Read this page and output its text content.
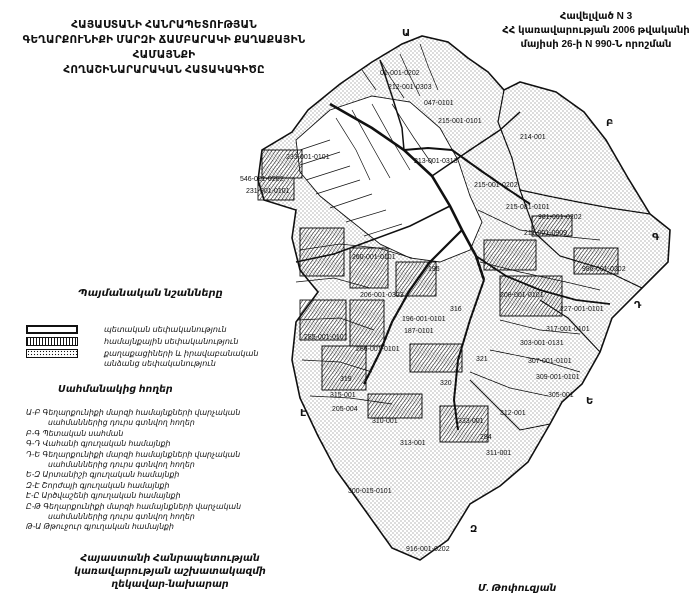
ՀԱՅԱՍՏԱՆԻ ՀԱՆՐԱՊԵՏՈՒԹՅԱՆ
ԳԵՂԱՐՔՈՒՆԻՔԻ ՄԱՐԶԻ ՃԱՄԲԱՐԱԿԻ ՔԱՂԱՔԱՅԻՆ ՀԱՄԱՅՆՔԻ
ՀՈՂԱՇԻՆԱՐԱՐԱԿԱՆ ՀԱՏԱԿԱԳԻԾԸ
Հավելված N 3
ՀՀ կառավարության 2006 թվականի
մայիսի 26-ի N 990-Ն որոշման
01-001-0202
212-001-0303
047-0101
215-001-0101
214-001
233-001-0101
213-001-0313
546-001-0202
231-001-0101
215-001-0202
215-081-0101
981-001-0202
211-001-0909
195
260-001-0101
986-001-0202
208-001-0101
206-001-0303
285-001-0101
196-001-0101
187-0101
286-001-0101
303-001-0131
309-001-0101
300-015-0101
916-001-0202
311-001
307-001-0101
205-004
333-001
319
284
312-001
227-001-0101
315-001
316
321
320
310-001
305-001
317-001-0101
313-001
Ա
Բ
Գ
Դ
Ե
Զ
Է
Պայմանական նշանները
պետական սեփականություն
համայնքային սեփականություն
քաղաքացիների և իրավաբանական
անձանց սեփականություն
Սահմանակից հողեր
Ա-Բ Գեղարքունիքի մարզի համայնքների վարչական
սահմաններից դուրս գտնվող հողեր
Բ-Գ Պետական սահման
Գ-Դ Վահանի գյուղական համայնքի
Դ-Ե Գեղարքունիքի մարզի համայնքների վարչական
սահմաններից դուրս գտնվող հողեր
Ե-Զ Արտանիշի գյուղական համայնքի
Զ-Է Շորժայի գյուղական համայնքի
Է-Ը Արծվաշենի գյուղական համայնքի
Ը-Թ Գեղարքունիքի մարզի համայնքների վարչական
սահմաններից դուրս գտնվող հողեր
Թ-Ա Թթուջուր գյուղական համայնքի
Հայաստանի Հանրապետության
կառավարության աշխատակազմի
ղեկավար-նախարար	Մ. Թոփուզյան
